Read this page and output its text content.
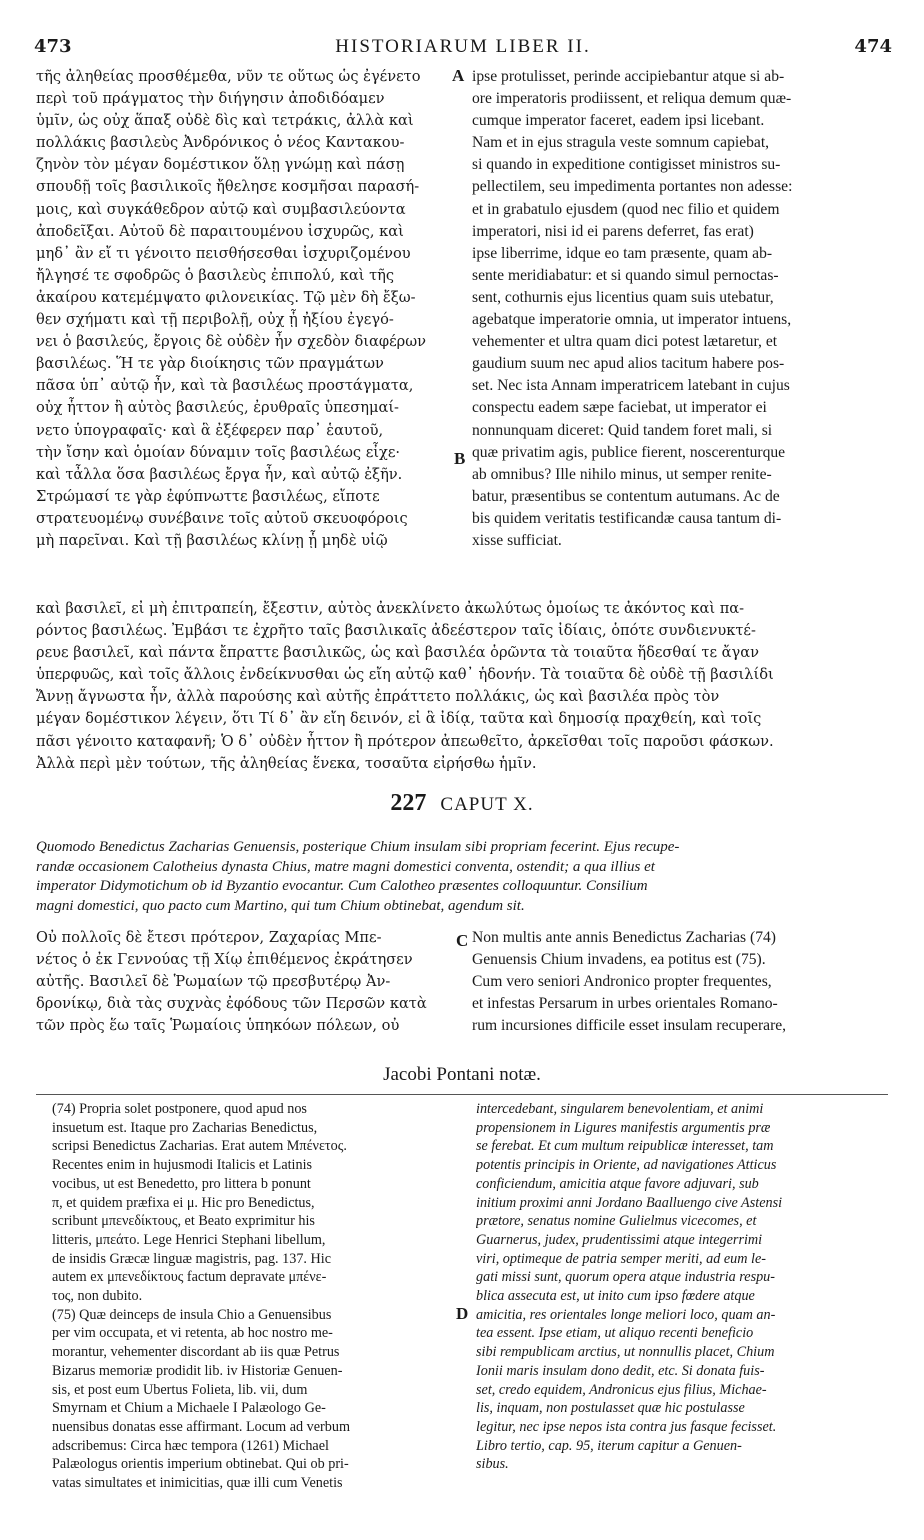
473	HISTORIARUM LIBER II.	474
τῆς ἀληθείας προσθέμεθα, νῦν τε οὕτως ὡς ἐγένετο
περὶ τοῦ πράγματος τὴν διήγησιν ἀποδιδόαμεν
ὑμῖν, ὡς οὐχ ἅπαξ οὐδὲ δὶς καὶ τετράκις, ἀλλὰ καὶ
πολλάκις βασιλεὺς Ἀνδρόνικος ὁ νέος Καντακου-
ζηνὸν τὸν μέγαν δομέστικον ὅλῃ γνώμῃ καὶ πάσῃ
σπουδῇ τοῖς βασιλικοῖς ἤθελησε κοσμῆσαι παρασή-
μοις, καὶ συγκάθεδρον αὐτῷ καὶ συμβασιλεύοντα
ἀποδεῖξαι. Αὐτοῦ δὲ παραιτουμένου ἰσχυρῶς, καὶ
μηδ᾽ ἂν εἴ τι γένοιτο πεισθήσεσθαι ἰσχυριζομένου
ἤλγησέ τε σφοδρῶς ὁ βασιλεὺς ἐπιπολύ, καὶ τῆς
ἀκαίρου κατεμέμψατο φιλονεικίας. Τῷ μὲν δὴ ἔξω-
θεν σχήματι καὶ τῇ περιβολῇ, οὐχ ᾗ ἠξίου ἐγεγό-
νει ὁ βασιλεύς, ἔργοις δὲ οὐδὲν ἦν σχεδὸν διαφέρων
βασιλέως. Ἥ τε γὰρ διοίκησις τῶν πραγμάτων
πᾶσα ὑπ᾽ αὐτῷ ἦν, καὶ τὰ βασιλέως προστάγματα,
οὐχ ἧττον ἢ αὐτὸς βασιλεύς, ἐρυθραῖς ὑπεσημαί-
νετο ὑπογραφαῖς· καὶ ἃ ἐξέφερεν παρ᾽ ἑαυτοῦ,
τὴν ἴσην καὶ ὁμοίαν δύναμιν τοῖς βασιλέως εἶχε·
καὶ τἆλλα ὅσα βασιλέως ἔργα ἦν, καὶ αὐτῷ ἐξῆν.
Στρώμασί τε γὰρ ἐφύπνωττε βασιλέως, εἴποτε
στρατευομένῳ συνέβαινε τοῖς αὐτοῦ σκευοφόροις
μὴ παρεῖναι. Καὶ τῇ βασιλέως κλίνῃ ᾗ μηδὲ υἱῷ
ipse protulisset, perinde accipiebantur atque si ab-
ore imperatoris prodiissent, et reliqua demum quæ-
cumque imperator faceret, eadem ipsi licebant.
Nam et in ejus stragula veste somnum capiebat,
si quando in expeditione contigisset ministros su-
pellectilem, seu impedimenta portantes non adesse:
et in grabatulo ejusdem (quod nec filio et quidem
imperatori, nisi id ei parens deferret, fas erat)
ipse liberrime, idque eo tam præsente, quam ab-
sente meridiabatur: et si quando simul pernoctas-
sent, cothurnis ejus licentius quam suis utebatur,
agebatque imperatorie omnia, ut imperator intuens,
vehementer et ultra quam dici potest lætaretur, et
gaudium suum nec apud alios tacitum habere pos-
set. Nec ista Annam imperatricem latebant in cujus
conspectu eadem sæpe faciebat, ut imperator ei
nonnunquam diceret: Quid tandem foret mali, si
quæ privatim agis, publice fierent, noscerenturque
ab omnibus? Ille nihilo minus, ut semper renite-
batur, præsentibus se contentum autumans. Ac de
bis quidem veritatis testificandæ causa tantum di-
xisse sufficiat.
A
B
καὶ βασιλεῖ, εἰ μὴ ἐπιτραπείη, ἔξεστιν, αὐτὸς ἀνεκλίνετο ἀκωλύτως ὁμοίως τε ἀκόντος καὶ πα-
ρόντος βασιλέως. Ἐμβάσι τε ἐχρῆτο ταῖς βασιλικαῖς ἀδεέστερον ταῖς ἰδίαις, ὁπότε συνδιενυκτέ-
ρευε βασιλεῖ, καὶ πάντα ἔπραττε βασιλικῶς, ὡς καὶ βασιλέα ὁρῶντα τὰ τοιαῦτα ἥδεσθαί τε ἄγαν
ὑπερφυῶς, καὶ τοῖς ἄλλοις ἐνδείκνυσθαι ὡς εἴη αὐτῷ καθ᾽ ἡδονήν. Τὰ τοιαῦτα δὲ οὐδὲ τῇ βασιλίδι
Ἄννῃ ἄγνωστα ἦν, ἀλλὰ παρούσης καὶ αὐτῆς ἐπράττετο πολλάκις, ὡς καὶ βασιλέα πρὸς τὸν
μέγαν δομέστικον λέγειν, ὅτι Τί δ᾽ ἂν εἴη δεινόν, εἰ ἃ ἰδίᾳ, ταῦτα καὶ δημοσίᾳ πραχθείη, καὶ τοῖς
πᾶσι γένοιτο καταφανῆ; Ὁ δ᾽ οὐδὲν ἧττον ἢ πρότερον ἀπεωθεῖτο, ἀρκεῖσθαι τοῖς παροῦσι φάσκων.
Ἀλλὰ περὶ μὲν τούτων, τῆς ἀληθείας ἕνεκα, τοσαῦτα εἰρήσθω ἡμῖν.
227 CAPUT X.
Quomodo Benedictus Zacharias Genuensis, posterique Chium insulam sibi propriam fecerint. Ejus recupe-
randæ occasionem Calotheius dynasta Chius, matre magni domestici conventa, ostendit; a qua illius et
imperator Didymotichum ob id Byzantio evocantur. Cum Calotheo præsentes colloquuntur. Consilium
magni domestici, quo pacto cum Martino, qui tum Chium obtinebat, agendum sit.
Οὐ πολλοῖς δὲ ἔτεσι πρότερον, Ζαχαρίας Μπε-
νέτος ὁ ἐκ Γεννούας τῇ Χίῳ ἐπιθέμενος ἐκράτησεν
αὐτῆς. Βασιλεῖ δὲ Ῥωμαίων τῷ πρεσβυτέρῳ Ἀν-
δρονίκῳ, διὰ τὰς συχνὰς ἐφόδους τῶν Περσῶν κατὰ
τῶν πρὸς ἕω ταῖς Ῥωμαίοις ὑπηκόων πόλεων, οὐ
Non multis ante annis Benedictus Zacharias (74)
Genuensis Chium invadens, ea potitus est (75).
Cum vero seniori Andronico propter frequentes,
et infestas Persarum in urbes orientales Romano-
rum incursiones difficile esset insulam recuperare,
C
Jacobi Pontani notæ.
(74) Propria solet postponere, quod apud nos
insuetum est. Itaque pro Zacharias Benedictus,
scripsi Benedictus Zacharias. Erat autem Μπένετος.
Recentes enim in hujusmodi Italicis et Latinis
vocibus, ut est Benedetto, pro littera b ponunt
π, et quidem præfixa ei μ. Hic pro Benedictus,
scribunt μπενεδίκτους, et Beato exprimitur his
litteris, μπεάτο. Lege Henrici Stephani libellum,
de insidis Græcæ linguæ magistris, pag. 137. Hic
autem ex μπενεδίκτους factum depravate μπένε-
τος, non dubito.
(75) Quæ deinceps de insula Chio a Genuensibus
per vim occupata, et vi retenta, ab hoc nostro me-
morantur, vehementer discordant ab iis quæ Petrus
Bizarus memoriæ prodidit lib. iv Historiæ Genuen-
sis, et post eum Ubertus Folieta, lib. vii, dum
Smyrnam et Chium a Michaele I Palæologo Ge-
nuensibus donatas esse affirmant. Locum ad verbum
adscribemus: Circa hæc tempora (1261) Michael
Palæologus orientis imperium obtinebat. Qui ob pri-
vatas simultates et inimicitias, quæ illi cum Venetis
intercedebant, singularem benevolentiam, et animi
propensionem in Ligures manifestis argumentis præ
se ferebat. Et cum multum reipublicæ interesset, tam
potentis principis in Oriente, ad navigationes Atticus
conficiendum, amicitia atque favore adjuvari, sub
initium proximi anni Jordano Baalluengo cive Astensi
prætore, senatus nomine Gulielmus vicecomes, et
Guarnerus, judex, prudentissimi atque integerrimi
viri, optimeque de patria semper meriti, ad eum le-
gati missi sunt, quorum opera atque industria respu-
blica assecuta est, ut inito cum ipso fœdere atque
amicitia, res orientales longe meliori loco, quam an-
tea essent. Ipse etiam, ut aliquo recenti beneficio
sibi rempublicam arctius, ut nonnullis placet, Chium
Ionii maris insulam dono dedit, etc. Si donata fuis-
set, credo equidem, Andronicus ejus filius, Michae-
lis, inquam, non postulasset quæ hic postulasse
legitur, nec ipse nepos ista contra jus fasque fecisset.
Libro tertio, cap. 95, iterum capitur a Genuen-
sibus.
D
